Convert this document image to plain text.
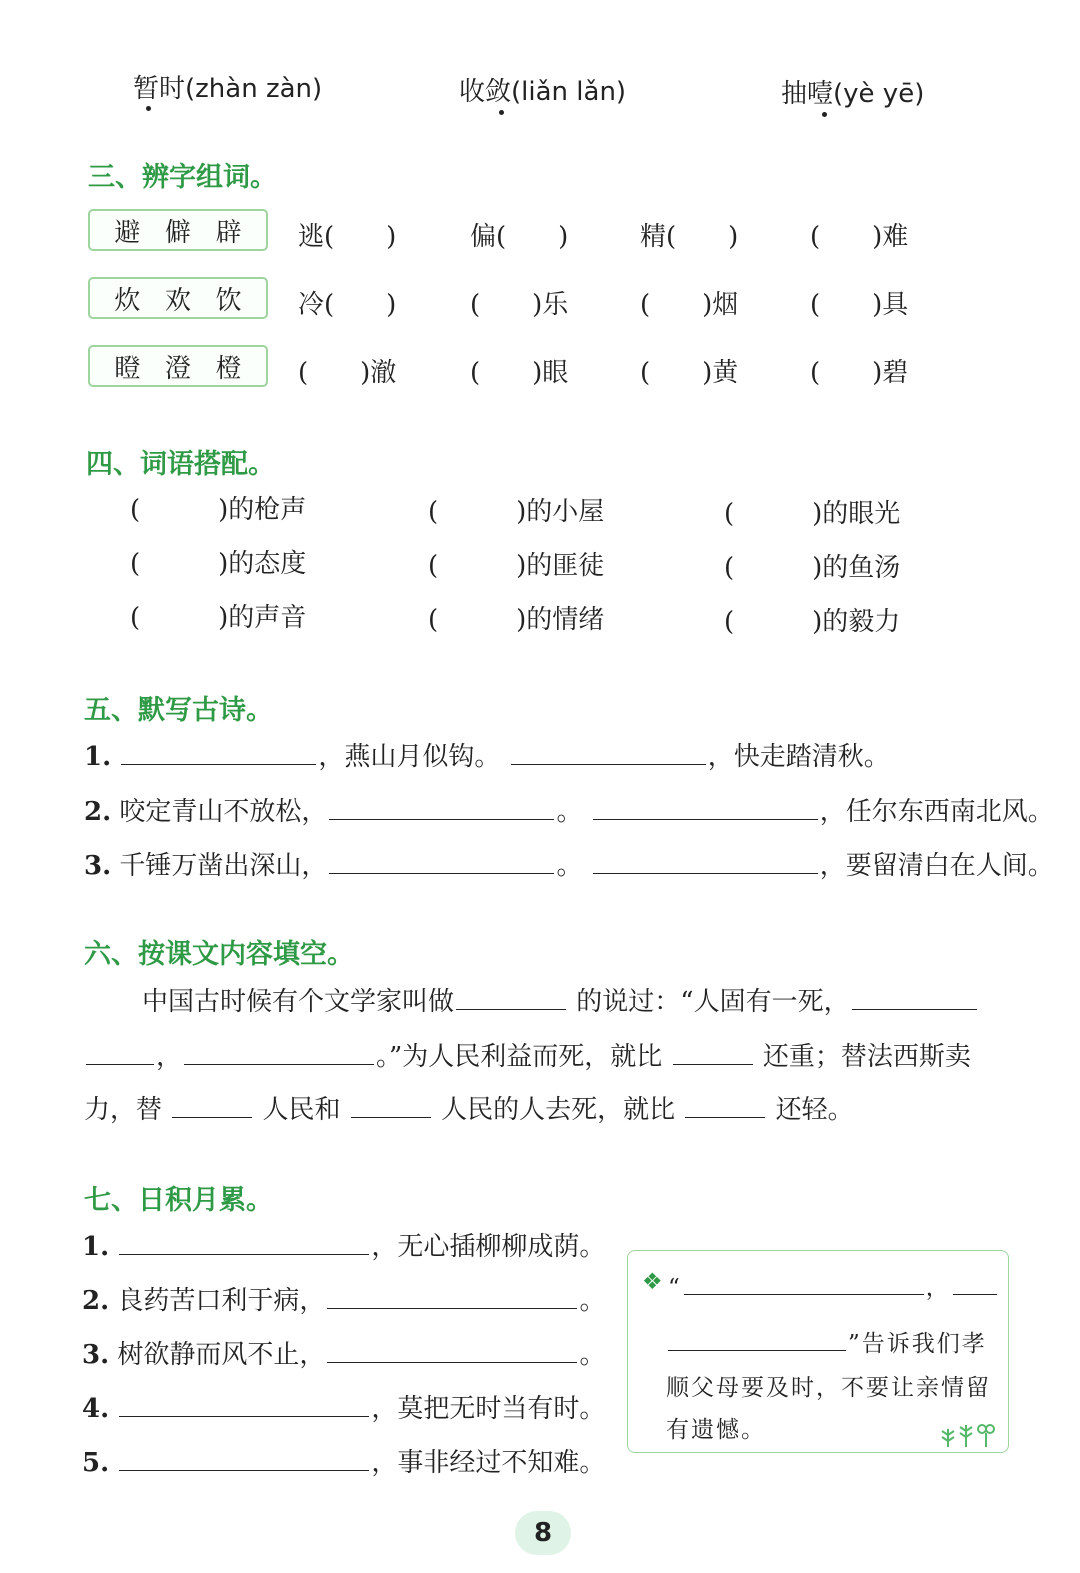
暂时(zhàn zàn)	收敛(liǎn lǎn)	抽噎(yè yē)
三、辨字组词。
避 僻 辟 逃(　　)	偏(　　)	精(　　)	(　　)难
炊 欢 饮 冷(　　)	(　　)乐	(　　)烟	(　　)具
瞪 澄 橙 (　　)澈	(　　)眼	(　　)黄	(　　)碧
四、词语搭配。
(　　　)的枪声	(　　　)的小屋	(　　　)的眼光
(　　　)的态度	(　　　)的匪徒	(　　　)的鱼汤
(　　　)的声音	(　　　)的情绪	(　　　)的毅力
五、默写古诗。
1.	，燕山月似钩。	，快走踏清秋。
2. 咬定青山不放松，	。	，任尔东西南北风。
3. 千锤万凿出深山，	。	，要留清白在人间。
六、按课文内容填空。
中国古时候有个文学家叫做	的说过：“人固有一死，
，	。”为人民利益而死，就比	还重；替法西斯卖
力，替	人民和	人民的人去死，就比	还轻。
七、日积月累。
1.	，无心插柳柳成荫。
2. 良药苦口利于病，	。
3. 树欲静而风不止，	。
4.	，莫把无时当有时。
5.	，事非经过不知难。
❖ “	，
”告诉我们孝
顺父母要及时，不要让亲情留
有遗憾。
8
